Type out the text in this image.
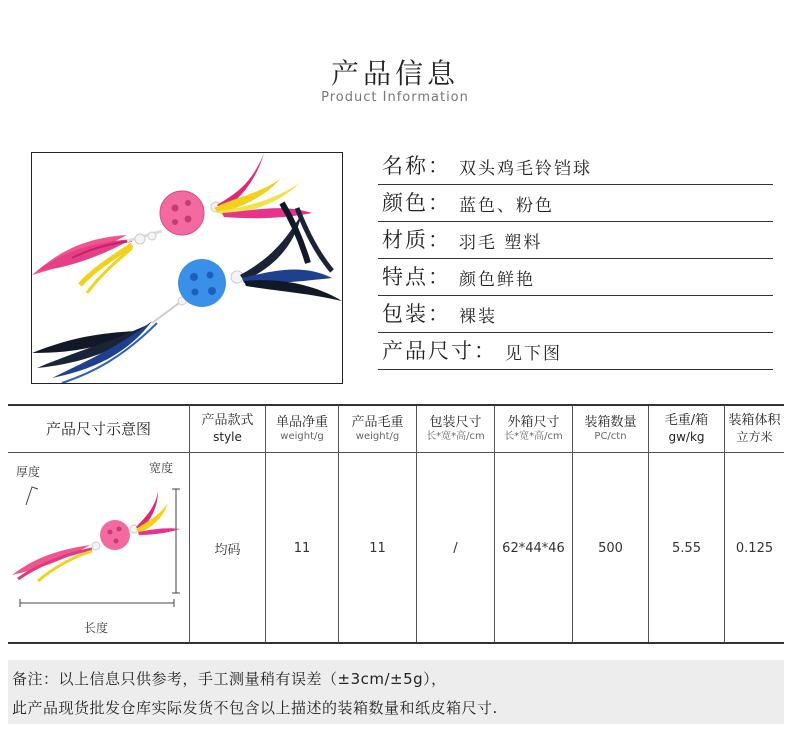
产品信息
Product Information
名称： 双头鸡毛铃铛球
颜色： 蓝色、粉色
材质： 羽毛 塑料
特点： 颜色鲜艳
包装： 裸装
产品尺寸： 见下图
产品尺寸示意图
厚度	宽度
长度
产品款式
style
均码
单品净重
weight/g
11
产品毛重
weight/g
11
包装尺寸
长*宽*高/cm
/
外箱尺寸
长*宽*高/cm
62*44*46
装箱数量
PC/ctn
500
毛重/箱
gw/kg
5.55
装箱体积
立方米
0.125

备注：以上信息只供参考，手工测量稍有误差（±3cm/±5g），

此产品现货批发仓库实际发货不包含以上描述的装箱数量和纸皮箱尺寸.
